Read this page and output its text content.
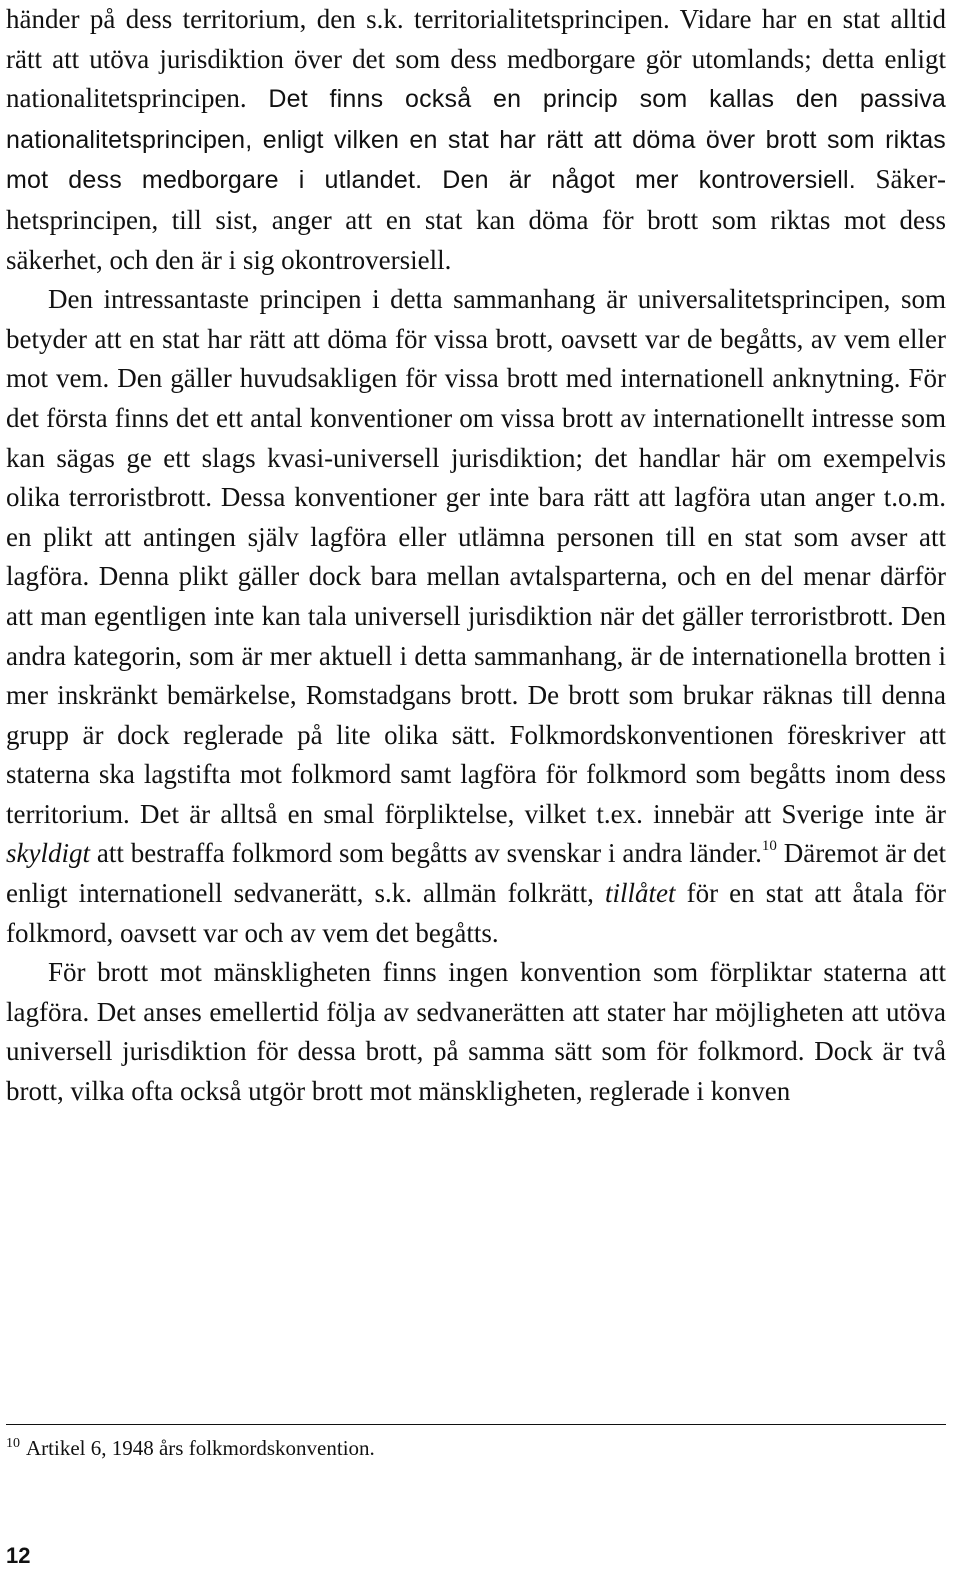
händer på dess territorium, den s.k. territorialitetsprincipen. Vidare har en stat alltid rätt att utöva jurisdiktion över det som dess medborgare gör utomlands; detta enligt nationalitetsprincipen. Det finns också en princip som kallas den passiva nationalitetsprincipen, enligt vilken en stat har rätt att döma över brott som riktas mot dess medborgare i utlandet. Den är något mer kontroversiell. Säkerhetsprincipen, till sist, anger att en stat kan döma för brott som riktas mot dess säkerhet, och den är i sig okontroversiell.

Den intressantaste principen i detta sammanhang är universalitetsprincipen, som betyder att en stat har rätt att döma för vissa brott, oavsett var de begåtts, av vem eller mot vem. Den gäller huvudsakligen för vissa brott med internationell anknytning. För det första finns det ett antal konventioner om vissa brott av internationellt intresse som kan sägas ge ett slags kvasi-universell jurisdiktion; det handlar här om exempelvis olika terroristbrott. Dessa konventioner ger inte bara rätt att lagföra utan anger t.o.m. en plikt att antingen själv lagföra eller utlämna personen till en stat som avser att lagföra. Denna plikt gäller dock bara mellan avtalsparterna, och en del menar därför att man egentligen inte kan tala universell jurisdiktion när det gäller terroristbrott. Den andra kategorin, som är mer aktuell i detta sammanhang, är de internationella brotten i mer inskränkt bemärkelse, Romstadgans brott. De brott som brukar räknas till denna grupp är dock reglerade på lite olika sätt. Folkmordskonventionen föreskriver att staterna ska lagstifta mot folkmord samt lagföra för folkmord som begåtts inom dess territorium. Det är alltså en smal förpliktelse, vilket t.ex. innebär att Sverige inte är skyldigt att bestraffa folkmord som begåtts av svenskar i andra länder.$^{10}$ Däremot är det enligt internationell sedvanerätt, s.k. allmän folkrätt, tillåtet för en stat att åtala för folkmord, oavsett var och av vem det begåtts.

För brott mot mänskligheten finns ingen konvention som förpliktar staterna att lagföra. Det anses emellertid följa av sedvanerätten att stater har möjligheten att utöva universell jurisdiktion för dessa brott, på samma sätt som för folkmord. Dock är två brott, vilka ofta också utgör brott mot mänskligheten, reglerade i konven

$^{10}$ Artikel 6, 1948 års folkmordskonvention.
12
